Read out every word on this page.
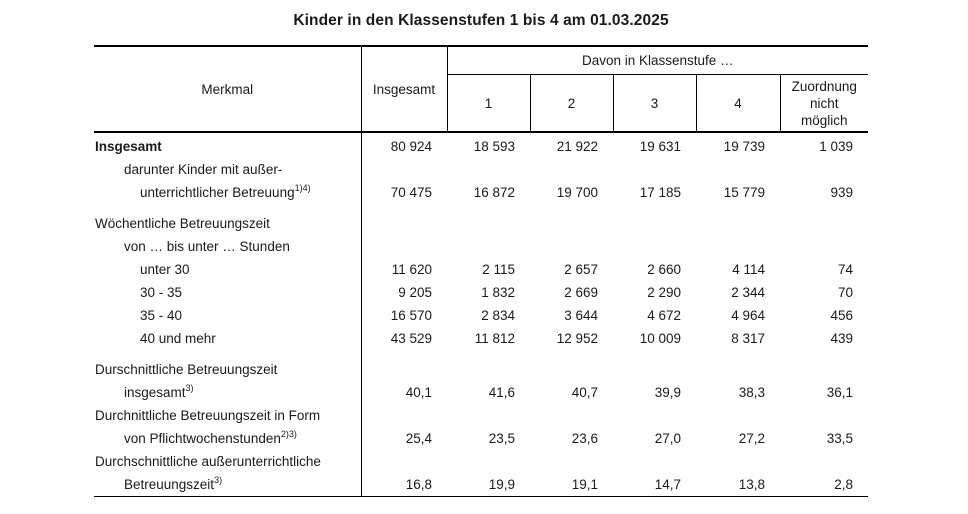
Kinder in den Klassenstufen 1 bis 4 am 01.03.2025
Merkmal	Insgesamt	Davon in Klassenstufe …				
		1	2	3	4	Zuordnung nicht möglich
Insgesamt	80 924	18 593	21 922	19 631	19 739	1 039
darunter Kinder mit außer-						
unterrichtlicher Betreuung$^{1)4)}$	70 475	16 872	19 700	17 185	15 779	939
Wöchentliche Betreuungszeit						
von … bis unter … Stunden						
unter 30	11 620	2 115	2 657	2 660	4 114	74
30 - 35	9 205	1 832	2 669	2 290	2 344	70
35 - 40	16 570	2 834	3 644	4 672	4 964	456
40 und mehr	43 529	11 812	12 952	10 009	8 317	439
Durschnittliche Betreuungszeit						
insgesamt$^{3)}$	40,1	41,6	40,7	39,9	38,3	36,1
Durchnittliche Betreuungszeit in Form						
von Pflichtwochenstunden$^{2)3)}$	25,4	23,5	23,6	27,0	27,2	33,5
Durchschnittliche außerunterrichtliche						
Betreuungszeit$^{3)}$	16,8	19,9	19,1	14,7	13,8	2,8
